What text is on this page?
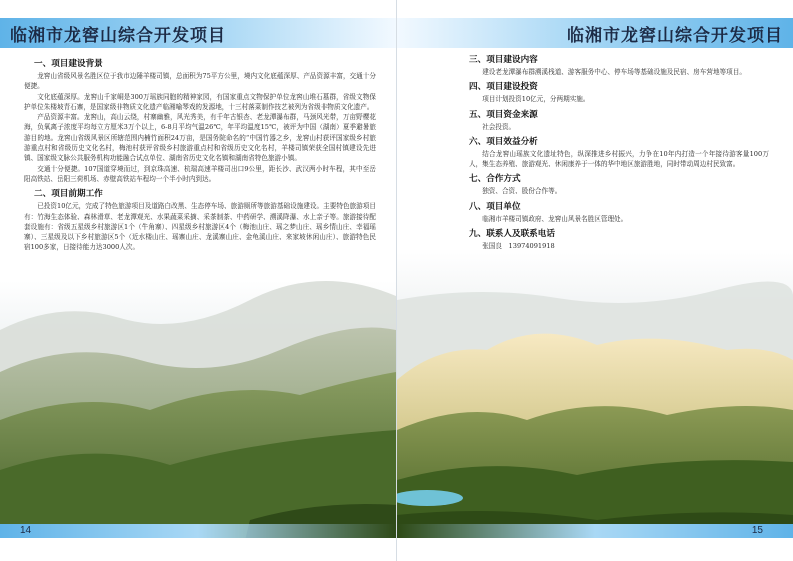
临湘市龙窖山综合开发项目
一、项目建设背景

龙窖山省级风景名胜区位于我市边陲羊楼司镇，总面积为75平方公里，境内文化底蕴深厚、产品资源丰富，交通十分便捷。

文化底蕴深厚。龙窖山千家峒是300万瑶族同胞的精神家园，有国家重点文物保护单位龙窖山堆石墓群，省级文物保护单位朱楼坡青石寨，是国家级非物质文化遗产临湘喻琴戏的发源地，十三村落菜制作技艺被列为省级非物质文化遗产。

产品资源丰富。龙窖山，高山云绕，村寨幽雅，风光秀美，有千年古银杏、老龙潭瀑布群，马颈风光带，万亩野樱花海，负氧离子浓度平均每立方厘米3万个以上，6-8月平均气温26℃，年平均温度15℃，被评为中国（湖南）夏季避暑旅游目的地。龙窖山省级风景区所辖范围内楠竹面积24万亩，是国务院命名的“中国竹器之乡，龙窖山村获评国家级乡村旅游重点村和省级历史文化名村，梅池村获评省级乡村旅游重点村和省级历史文化名村，羊楼司镇荣获全国村镇建设先进镇、国家级文脉公共服务机构功能融合试点单位、湖南省历史文化名镇和湖南省特色旅游小镇。

交通十分便捷。107国道穿境而过，到京珠高速、杭瑞高速羊楼司出口9公里，距长沙、武汉两小时车程，其中至岳阳高铁站、岳阳三荷机场、赤壁高铁站车程均一个半小时内到达。

二、项目前期工作

已投资10亿元，完成了特色旅游项目及道路白改黑、生态停车场、旅游厕所等旅游基础设施建设。主要特色旅游项目有：竹海生态体验、森林滑草、老龙潭观光、水果蔬菜采摘、采茶制茶、中药研学、溯溪降瀑、水上亲子等。旅游接待配套设施有：省级五星级乡村旅游区1个（牛角寨）、四星级乡村旅游区4个（梅池山庄、瑶之梦山庄、瑶乡情山庄、幸福瑶寨）、三星级及以下乡村旅游区5个（近水楼山庄、瑶寨山庄、龙溪寨山庄、金龟溪山庄、来家坡休闲山庄）、旅游特色民宿100多家，日接待能力达3000人次。

14
临湘市龙窖山综合开发项目
三、项目建设内容

建设老龙潭瀑布群溯溪栈道、游客服务中心、停车场等基础设施及民宿、房车营地等项目。

四、项目建设投资

项目计划投资10亿元，分两期实施。

五、项目资金来源

社会投资。

六、项目效益分析

结合龙窖山瑶族文化遗址特色，纵深推进乡村振兴，力争在10年内打造一个年接待游客量100万人，集生态养殖、旅游观光、休闲康养于一体的华中地区旅游胜地，同时带动周边村民致富。

七、合作方式

独资、合资、股份合作等。

八、项目单位

临湘市羊楼司镇政府、龙窖山风景名胜区管理处。

九、联系人及联系电话

张国良　13974091918

15
